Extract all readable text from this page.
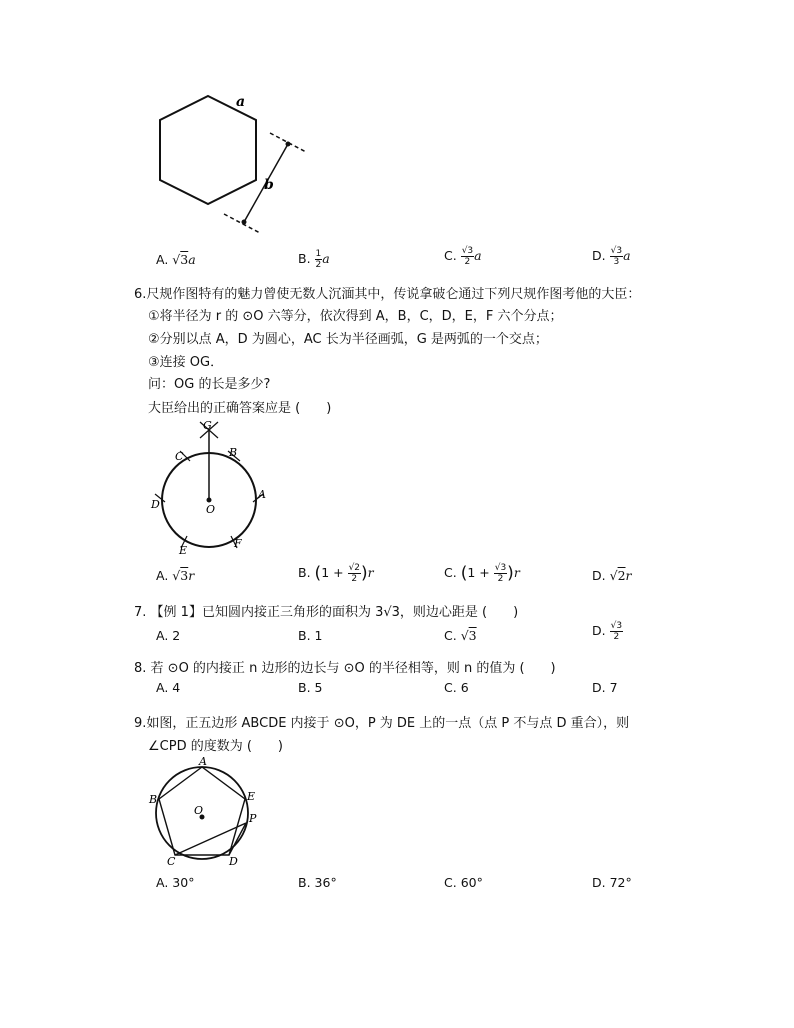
a
b
A. √3a	B. $\frac{1}{2}$ a	C. $\frac{√3}{2}$ a	D. $\frac{√3}{3}$ a
6.尺规作图特有的魅力曾使无数人沉湎其中，传说拿破仑通过下列尺规作图考他的大臣：
①将半径为 r 的 ⊙O 六等分，依次得到 A，B，C，D，E，F 六个分点；
②分别以点 A，D 为圆心，AC 长为半径画弧，G 是两弧的一个交点；
③连接 OG．
问：OG 的长是多少?
大臣给出的正确答案应是 (　　)
G
C	B
D
A
O
E
F
A. √3r	B. $(1 + \frac{√2}{2} )r$	C. $(1 + \frac{√3}{2} )r$	D. √2r
7. 【例 1】已知圆内接正三角形的面积为 3√3，则边心距是 (　　)
A. 2	B. 1	C. √3	D. $\frac{√3}{2}$
8. 若 ⊙O 的内接正 n 边形的边长与 ⊙O 的半径相等，则 n 的值为 (　　)
A. 4	B. 5	C. 6	D. 7
9.如图，正五边形 ABCDE 内接于 ⊙O，P 为 DE 上的一点（点 P 不与点 D 重合），则
∠CPD 的度数为 (　　)
A
B	E
O
P
C	D
A. 30°	B. 36°	C. 60°	D. 72°
